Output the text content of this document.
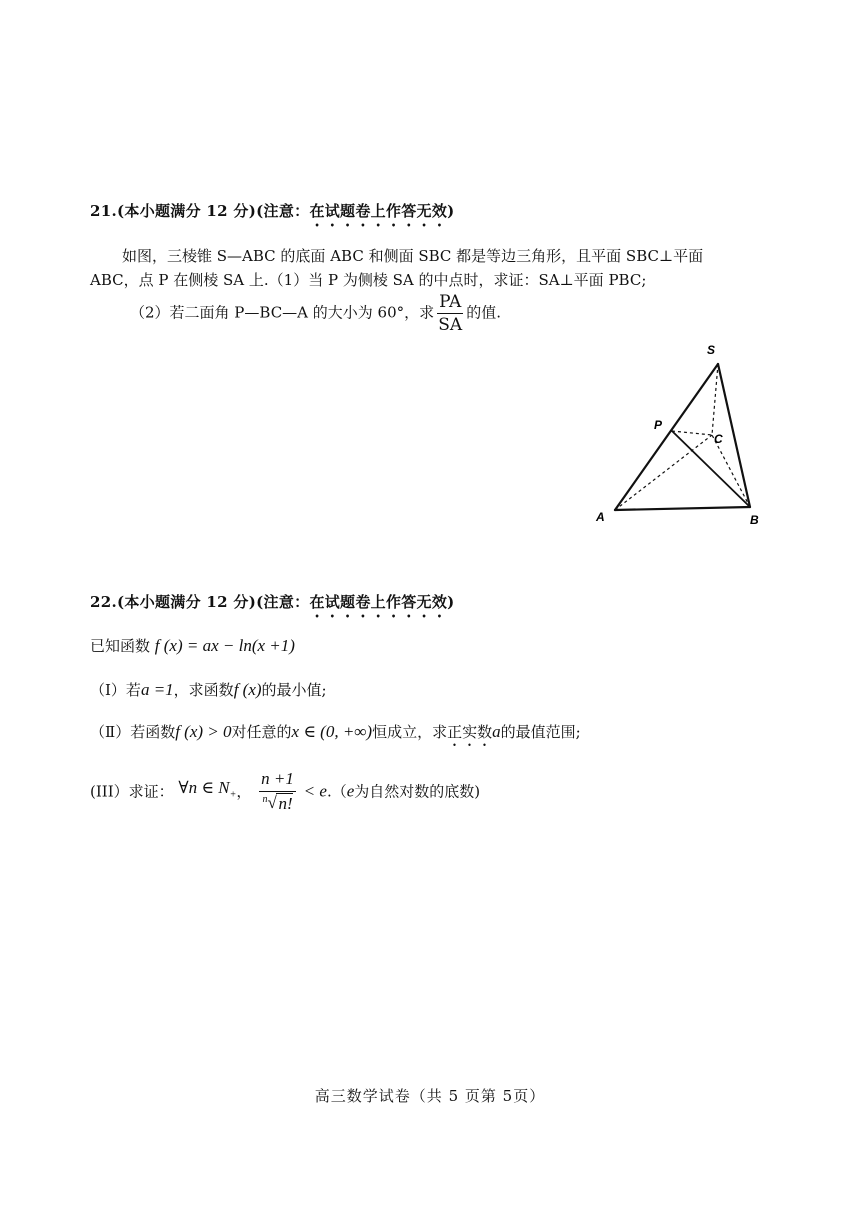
21.(本小题满分 12 分)(注意：在试题卷上作答无效)
如图，三棱锥 S—ABC 的底面 ABC 和侧面 SBC 都是等边三角形，且平面 SBC⊥平面
ABC，点 P 在侧棱 SA 上.（1）当 P 为侧棱 SA 的中点时，求证：SA⊥平面 PBC;
（2）若二面角 P—BC—A 的大小为 60°，求 $\frac{PA}{SA}$ 的值.
S
P
C
A	B
22.(本小题满分 12 分)(注意：在试题卷上作答无效)
已知函数 f (x) = ax − ln(x +1)
（Ⅰ）若a =1，求函数f (x)的最小值;
（Ⅱ）若函数f (x) > 0对任意的x ∈ (0, +∞)恒成立，求正实数a的最值范围;
(III）求证： ∀n ∈ $N_+$， $\frac{n +1}{n √ n!} < e.(e$为自然对数的底数)
高三数学试卷（共 5 页第 5页）
